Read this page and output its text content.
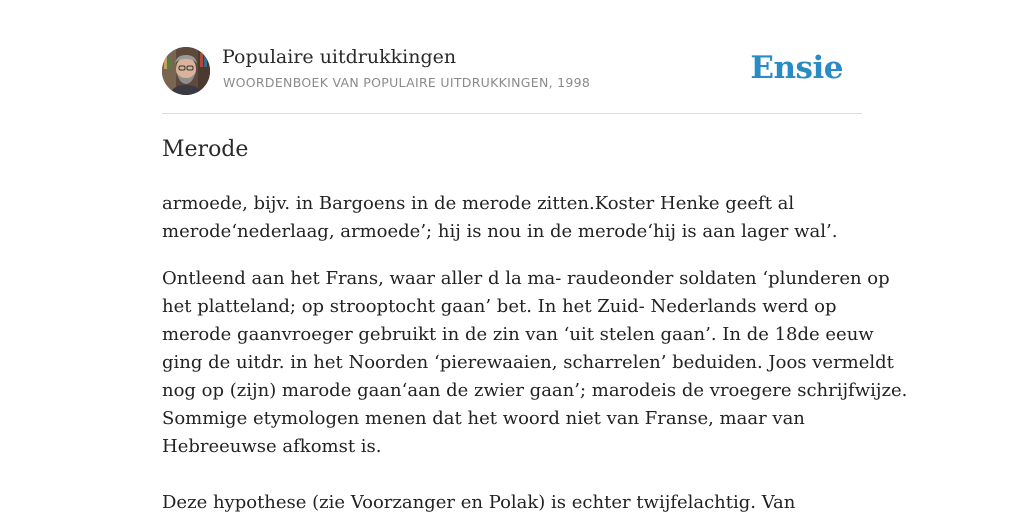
Populaire uitdrukkingen
WOORDENBOEK VAN POPULAIRE UITDRUKKINGEN, 1998	Ensie
Merode

armoede, bijv. in Bargoens in de merode zitten.Koster Henke geeft al
merode‘nederlaag, armoede’; hij is nou in de merode‘hij is aan lager wal’.

Ontleend aan het Frans, waar aller d la ma- raudeonder soldaten ‘plunderen op
het platteland; op strooptocht gaan’ bet. In het Zuid- Nederlands werd op
merode gaanvroeger gebruikt in de zin van ‘uit stelen gaan’. In de 18de eeuw
ging de uitdr. in het Noorden ‘pierewaaien, scharrelen’ beduiden. Joos vermeldt
nog op (zijn) marode gaan‘aan de zwier gaan’; marodeis de vroegere schrijfwijze.
Sommige etymologen menen dat het woord niet van Franse, maar van
Hebreeuwse afkomst is.

Deze hypothese (zie Voorzanger en Polak) is echter twijfelachtig. Van
